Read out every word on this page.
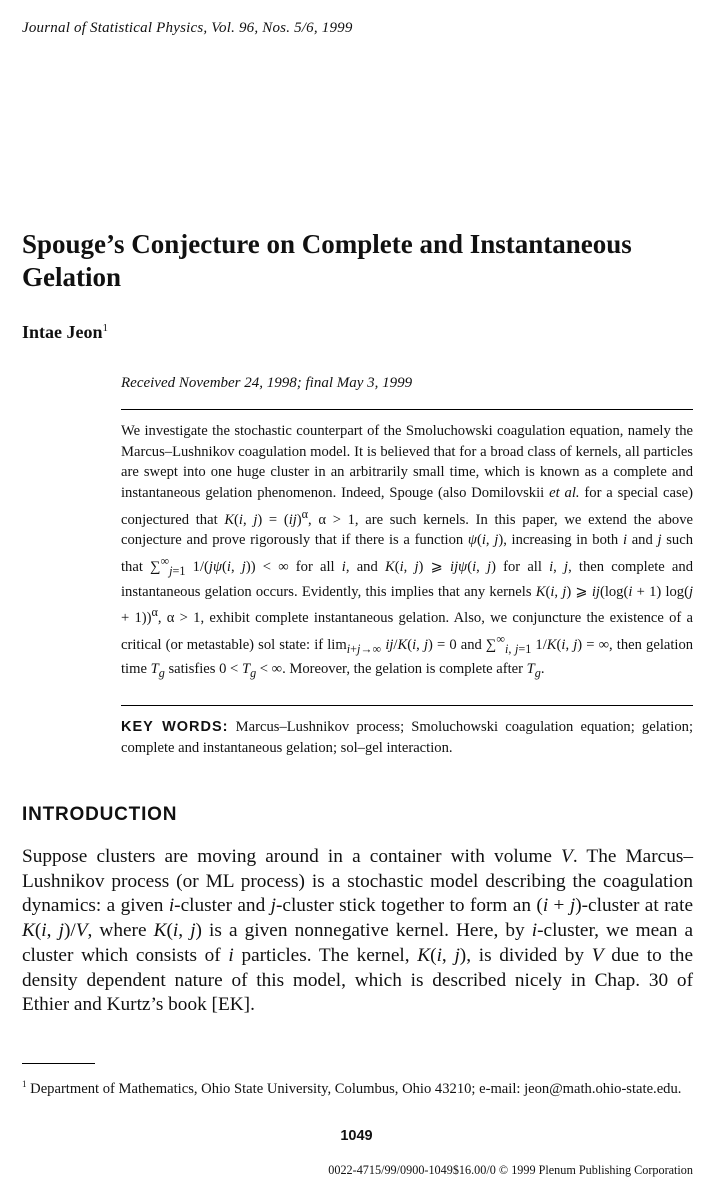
Journal of Statistical Physics, Vol. 96, Nos. 5/6, 1999
Spouge’s Conjecture on Complete and Instantaneous Gelation
Intae Jeon$^1$
Received November 24, 1998; final May 3, 1999
We investigate the stochastic counterpart of the Smoluchowski coagulation equation, namely the Marcus–Lushnikov coagulation model. It is believed that for a broad class of kernels, all particles are swept into one huge cluster in an arbitrarily small time, which is known as a complete and instantaneous gelation phenomenon. Indeed, Spouge (also Domilovskii et al. for a special case) conjectured that K(i, j) = (ij)$^\alpha$, α > 1, are such kernels. In this paper, we extend the above conjecture and prove rigorously that if there is a function ψ(i, j), increasing in both i and j such that $\sum^\infty_{j=1}$ 1/(jψ(i, j)) < ∞ for all i, and K(i, j) ⩾ ijψ(i, j) for all i, j, then complete and instantaneous gelation occurs. Evidently, this implies that any kernels K(i, j) ⩾ ij(log(i + 1) log(j + 1))$^\alpha$, α > 1, exhibit complete instantaneous gelation. Also, we conjuncture the existence of a critical (or metastable) sol state: if $\lim_{i+j\to\infty} ij/K(i$, j) = 0 and $\sum^\infty_{i, j=1}$ 1/K(i, j) = ∞, then gelation time $T_g$ satisfies $0 < T_g$ < ∞. Moreover, the gelation is complete after $T_g$.
KEY WORDS: Marcus–Lushnikov process; Smoluchowski coagulation equation; gelation; complete and instantaneous gelation; sol–gel interaction.
INTRODUCTION
Suppose clusters are moving around in a container with volume V. The Marcus–Lushnikov process (or ML process) is a stochastic model describing the coagulation dynamics: a given i-cluster and j-cluster stick together to form an (i + j)-cluster at rate K(i, j)/V, where K(i, j) is a given nonnegative kernel. Here, by i-cluster, we mean a cluster which consists of i particles. The kernel, K(i, j), is divided by V due to the density dependent nature of this model, which is described nicely in Chap. 30 of Ethier and Kurtz’s book [EK].
$^1$ Department of Mathematics, Ohio State University, Columbus, Ohio 43210; e-mail: jeon@math.ohio-state.edu.
1049
0022-4715/99/0900-1049$16.00/0 © 1999 Plenum Publishing Corporation
